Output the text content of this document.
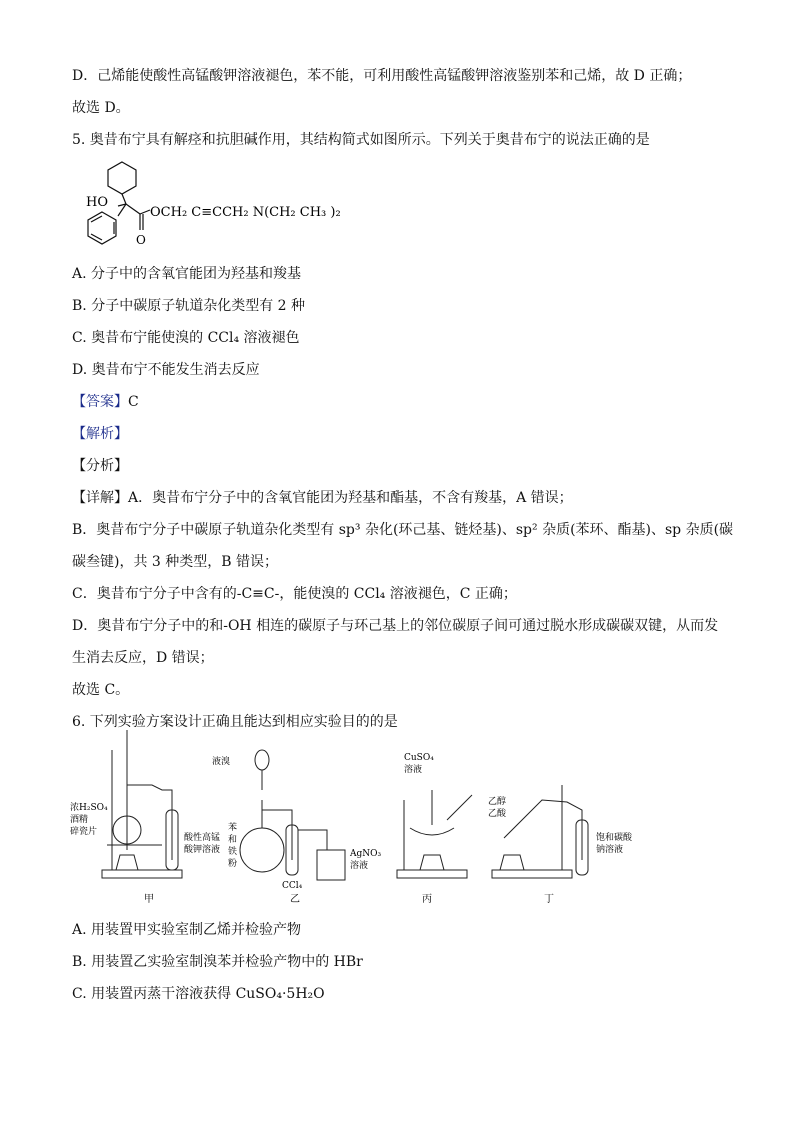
D．己烯能使酸性高锰酸钾溶液褪色，苯不能，可利用酸性高锰酸钾溶液鉴别苯和己烯，故 D 正确；
故选 D。
5. 奥昔布宁具有解痉和抗胆碱作用，其结构简式如图所示。下列关于奥昔布宁的说法正确的是
HO
O
OCH₂ C≡CCH₂ N(CH₂ CH₃ )₂
A. 分子中的含氧官能团为羟基和羧基
B. 分子中碳原子轨道杂化类型有 2 种
C. 奥昔布宁能使溴的 CCl₄ 溶液褪色
D. 奥昔布宁不能发生消去反应
【答案】C
【解析】
【分析】
【详解】A．奥昔布宁分子中的含氧官能团为羟基和酯基，不含有羧基，A 错误；
B．奥昔布宁分子中碳原子轨道杂化类型有 sp³ 杂化(环己基、链烃基)、sp² 杂质(苯环、酯基)、sp 杂质(碳
碳叁键)，共 3 种类型，B 错误；
C．奥昔布宁分子中含有的-C≡C-，能使溴的 CCl₄ 溶液褪色，C 正确；
D．奥昔布宁分子中的和-OH 相连的碳原子与环己基上的邻位碳原子间可通过脱水形成碳碳双键，从而发
生消去反应，D 错误；
故选 C。
6. 下列实验方案设计正确且能达到相应实验目的的是
浓H₂SO₄
酒精
碎瓷片
酸性高锰
酸钾溶液
甲
液溴
苯
和
铁
粉
CCl₄
AgNO₃
溶液
乙
CuSO₄
溶液
丙
乙醇
乙酸
饱和碳酸
钠溶液
丁
A. 用装置甲实验室制乙烯并检验产物
B. 用装置乙实验室制溴苯并检验产物中的 HBr
C. 用装置丙蒸干溶液获得 CuSO₄·5H₂O
